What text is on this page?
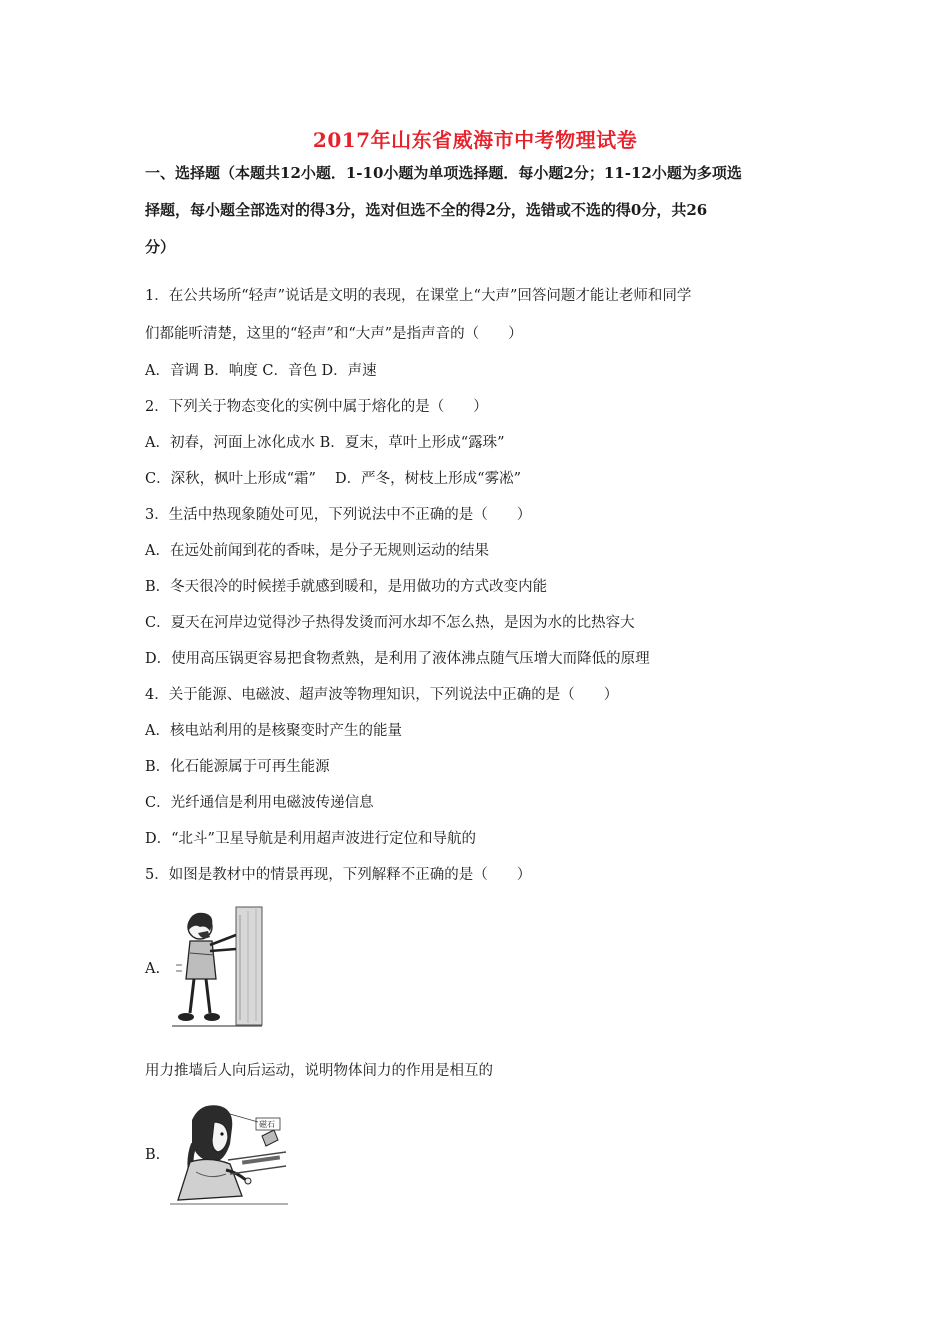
2017年山东省威海市中考物理试卷
一、选择题（本题共12小题．1-10小题为单项选择题．每小题2分；11-12小题为多项选
择题，每小题全部选对的得3分，选对但选不全的得2分，选错或不选的得0分，共26
分）
1．在公共场所“轻声”说话是文明的表现，在课堂上“大声”回答问题才能让老师和同学
们都能听清楚，这里的“轻声”和“大声”是指声音的（　　）
A．音调 B．响度 C．音色 D．声速
2．下列关于物态变化的实例中属于熔化的是（　　）
A．初春，河面上冰化成水 B．夏末，草叶上形成“露珠”
C．深秋，枫叶上形成“霜”　 D．严冬，树枝上形成“雾凇”
3．生活中热现象随处可见，下列说法中不正确的是（　　）
A．在远处前闻到花的香味，是分子无规则运动的结果
B．冬天很冷的时候搓手就感到暖和，是用做功的方式改变内能
C．夏天在河岸边觉得沙子热得发烫而河水却不怎么热，是因为水的比热容大
D．使用高压锅更容易把食物煮熟，是利用了液体沸点随气压增大而降低的原理
4．关于能源、电磁波、超声波等物理知识，下列说法中正确的是（　　）
A．核电站利用的是核聚变时产生的能量
B．化石能源属于可再生能源
C．光纤通信是利用电磁波传递信息
D．“北斗”卫星导航是利用超声波进行定位和导航的
5．如图是教材中的情景再现，下列解释不正确的是（　　）
A.
用力推墙后人向后运动，说明物体间力的作用是相互的
B.
磁石
